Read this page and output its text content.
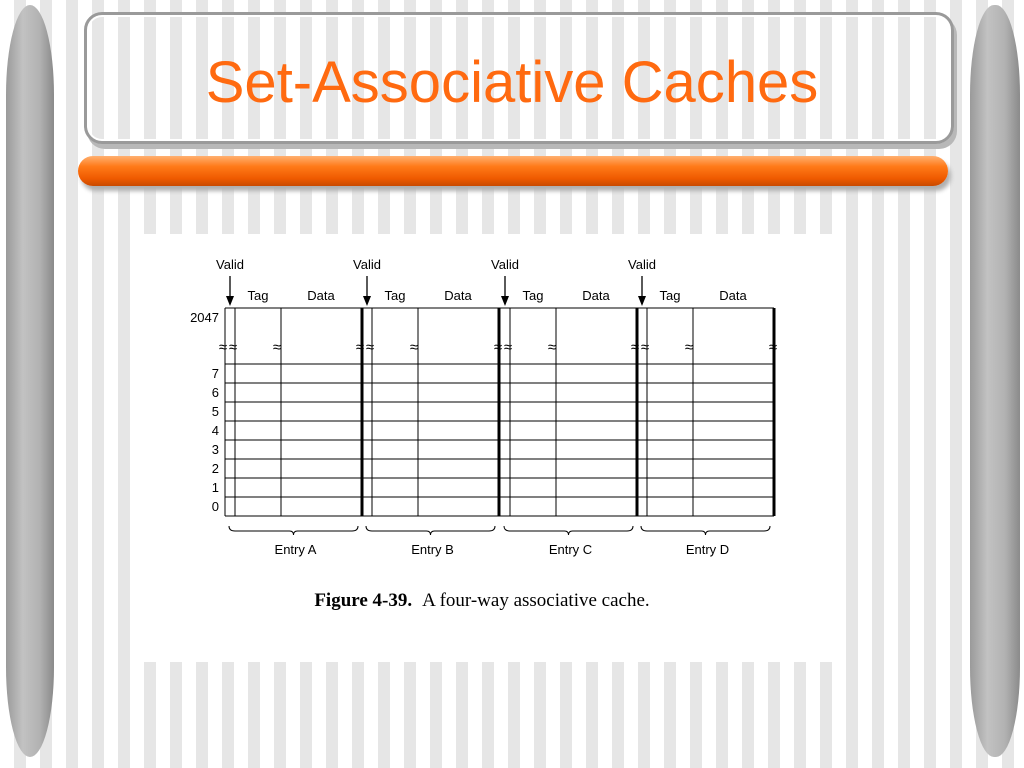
Set-Associative Caches
Valid
Tag	Data
≈ ≈ ≈
Entry A
Valid
Tag	Data
≈ ≈ ≈
Entry B
Valid
Tag	Data
≈ ≈ ≈
Entry C
Valid
Tag	Data
≈ ≈ ≈
Entry D
≈
2047
7
6
5
4
3
2
1
0
Figure 4-39. A four-way associative cache.
